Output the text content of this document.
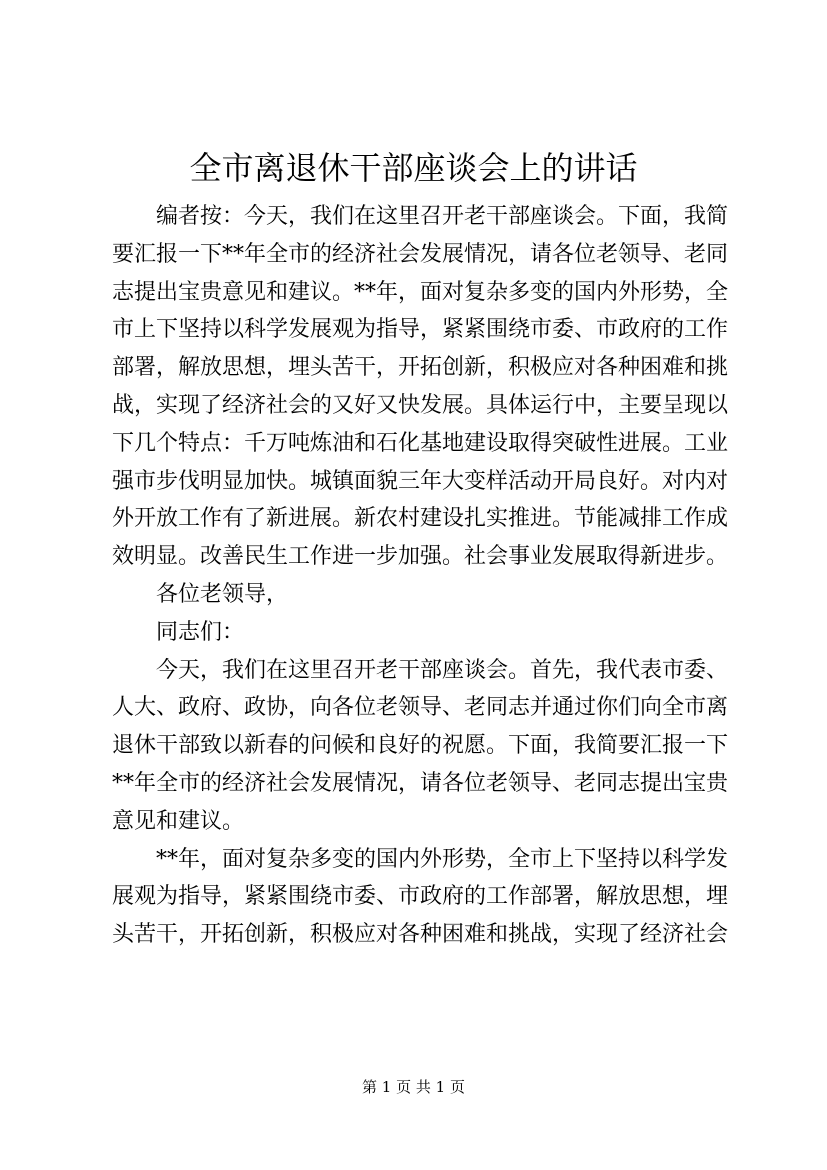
全市离退休干部座谈会上的讲话
编者按：今天，我们在这里召开老干部座谈会。下面，我简
要汇报一下**年全市的经济社会发展情况，请各位老领导、老同
志提出宝贵意见和建议。**年，面对复杂多变的国内外形势，全
市上下坚持以科学发展观为指导，紧紧围绕市委、市政府的工作
部署，解放思想，埋头苦干，开拓创新，积极应对各种困难和挑
战，实现了经济社会的又好又快发展。具体运行中，主要呈现以
下几个特点：千万吨炼油和石化基地建设取得突破性进展。工业
强市步伐明显加快。城镇面貌三年大变样活动开局良好。对内对
外开放工作有了新进展。新农村建设扎实推进。节能减排工作成
效明显。改善民生工作进一步加强。社会事业发展取得新进步。
各位老领导，
同志们：
今天，我们在这里召开老干部座谈会。首先，我代表市委、
人大、政府、政协，向各位老领导、老同志并通过你们向全市离
退休干部致以新春的问候和良好的祝愿。下面，我简要汇报一下
**年全市的经济社会发展情况，请各位老领导、老同志提出宝贵
意见和建议。
**年，面对复杂多变的国内外形势，全市上下坚持以科学发
展观为指导，紧紧围绕市委、市政府的工作部署，解放思想，埋
头苦干，开拓创新，积极应对各种困难和挑战，实现了经济社会
第 1 页 共 1 页
